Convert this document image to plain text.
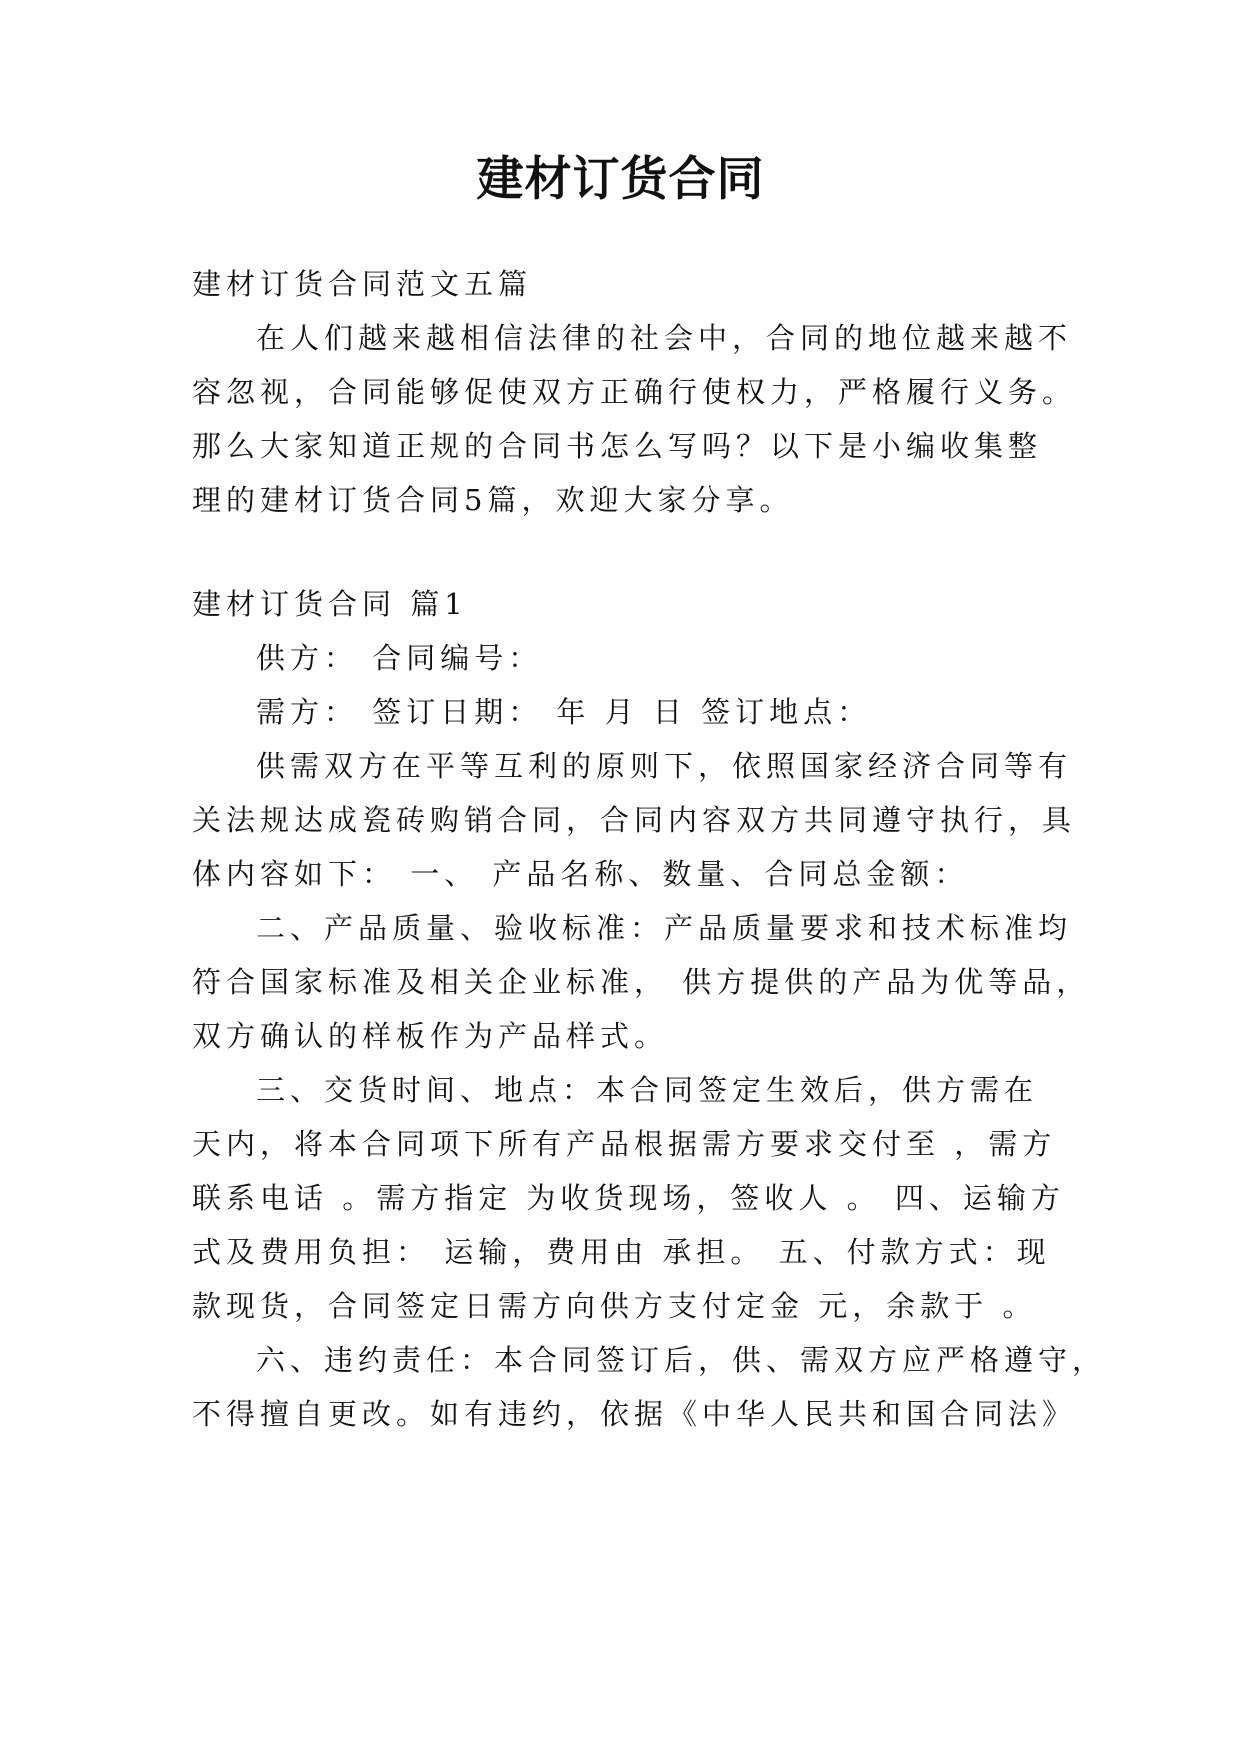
建材订货合同

建材订货合同范文五篇

在人们越来越相信法律的社会中，合同的地位越来越不

容忽视，合同能够促使双方正确行使权力，严格履行义务。

那么大家知道正规的合同书怎么写吗？以下是小编收集整

理的建材订货合同5篇，欢迎大家分享。

建材订货合同 篇1

供方： 合同编号：

需方： 签订日期： 年 月 日 签订地点：

供需双方在平等互利的原则下，依照国家经济合同等有

关法规达成瓷砖购销合同，合同内容双方共同遵守执行，具

体内容如下： 一、 产品名称、数量、合同总金额：

二、产品质量、验收标准：产品质量要求和技术标准均

符合国家标准及相关企业标准， 供方提供的产品为优等品，

双方确认的样板作为产品样式。

三、交货时间、地点：本合同签定生效后，供方需在

天内，将本合同项下所有产品根据需方要求交付至 ，需方

联系电话 。需方指定 为收货现场，签收人 。 四、运输方

式及费用负担： 运输，费用由 承担。 五、付款方式：现

款现货，合同签定日需方向供方支付定金 元，余款于 。

六、违约责任：本合同签订后，供、需双方应严格遵守，

不得擅自更改。如有违约，依据《中华人民共和国合同法》
